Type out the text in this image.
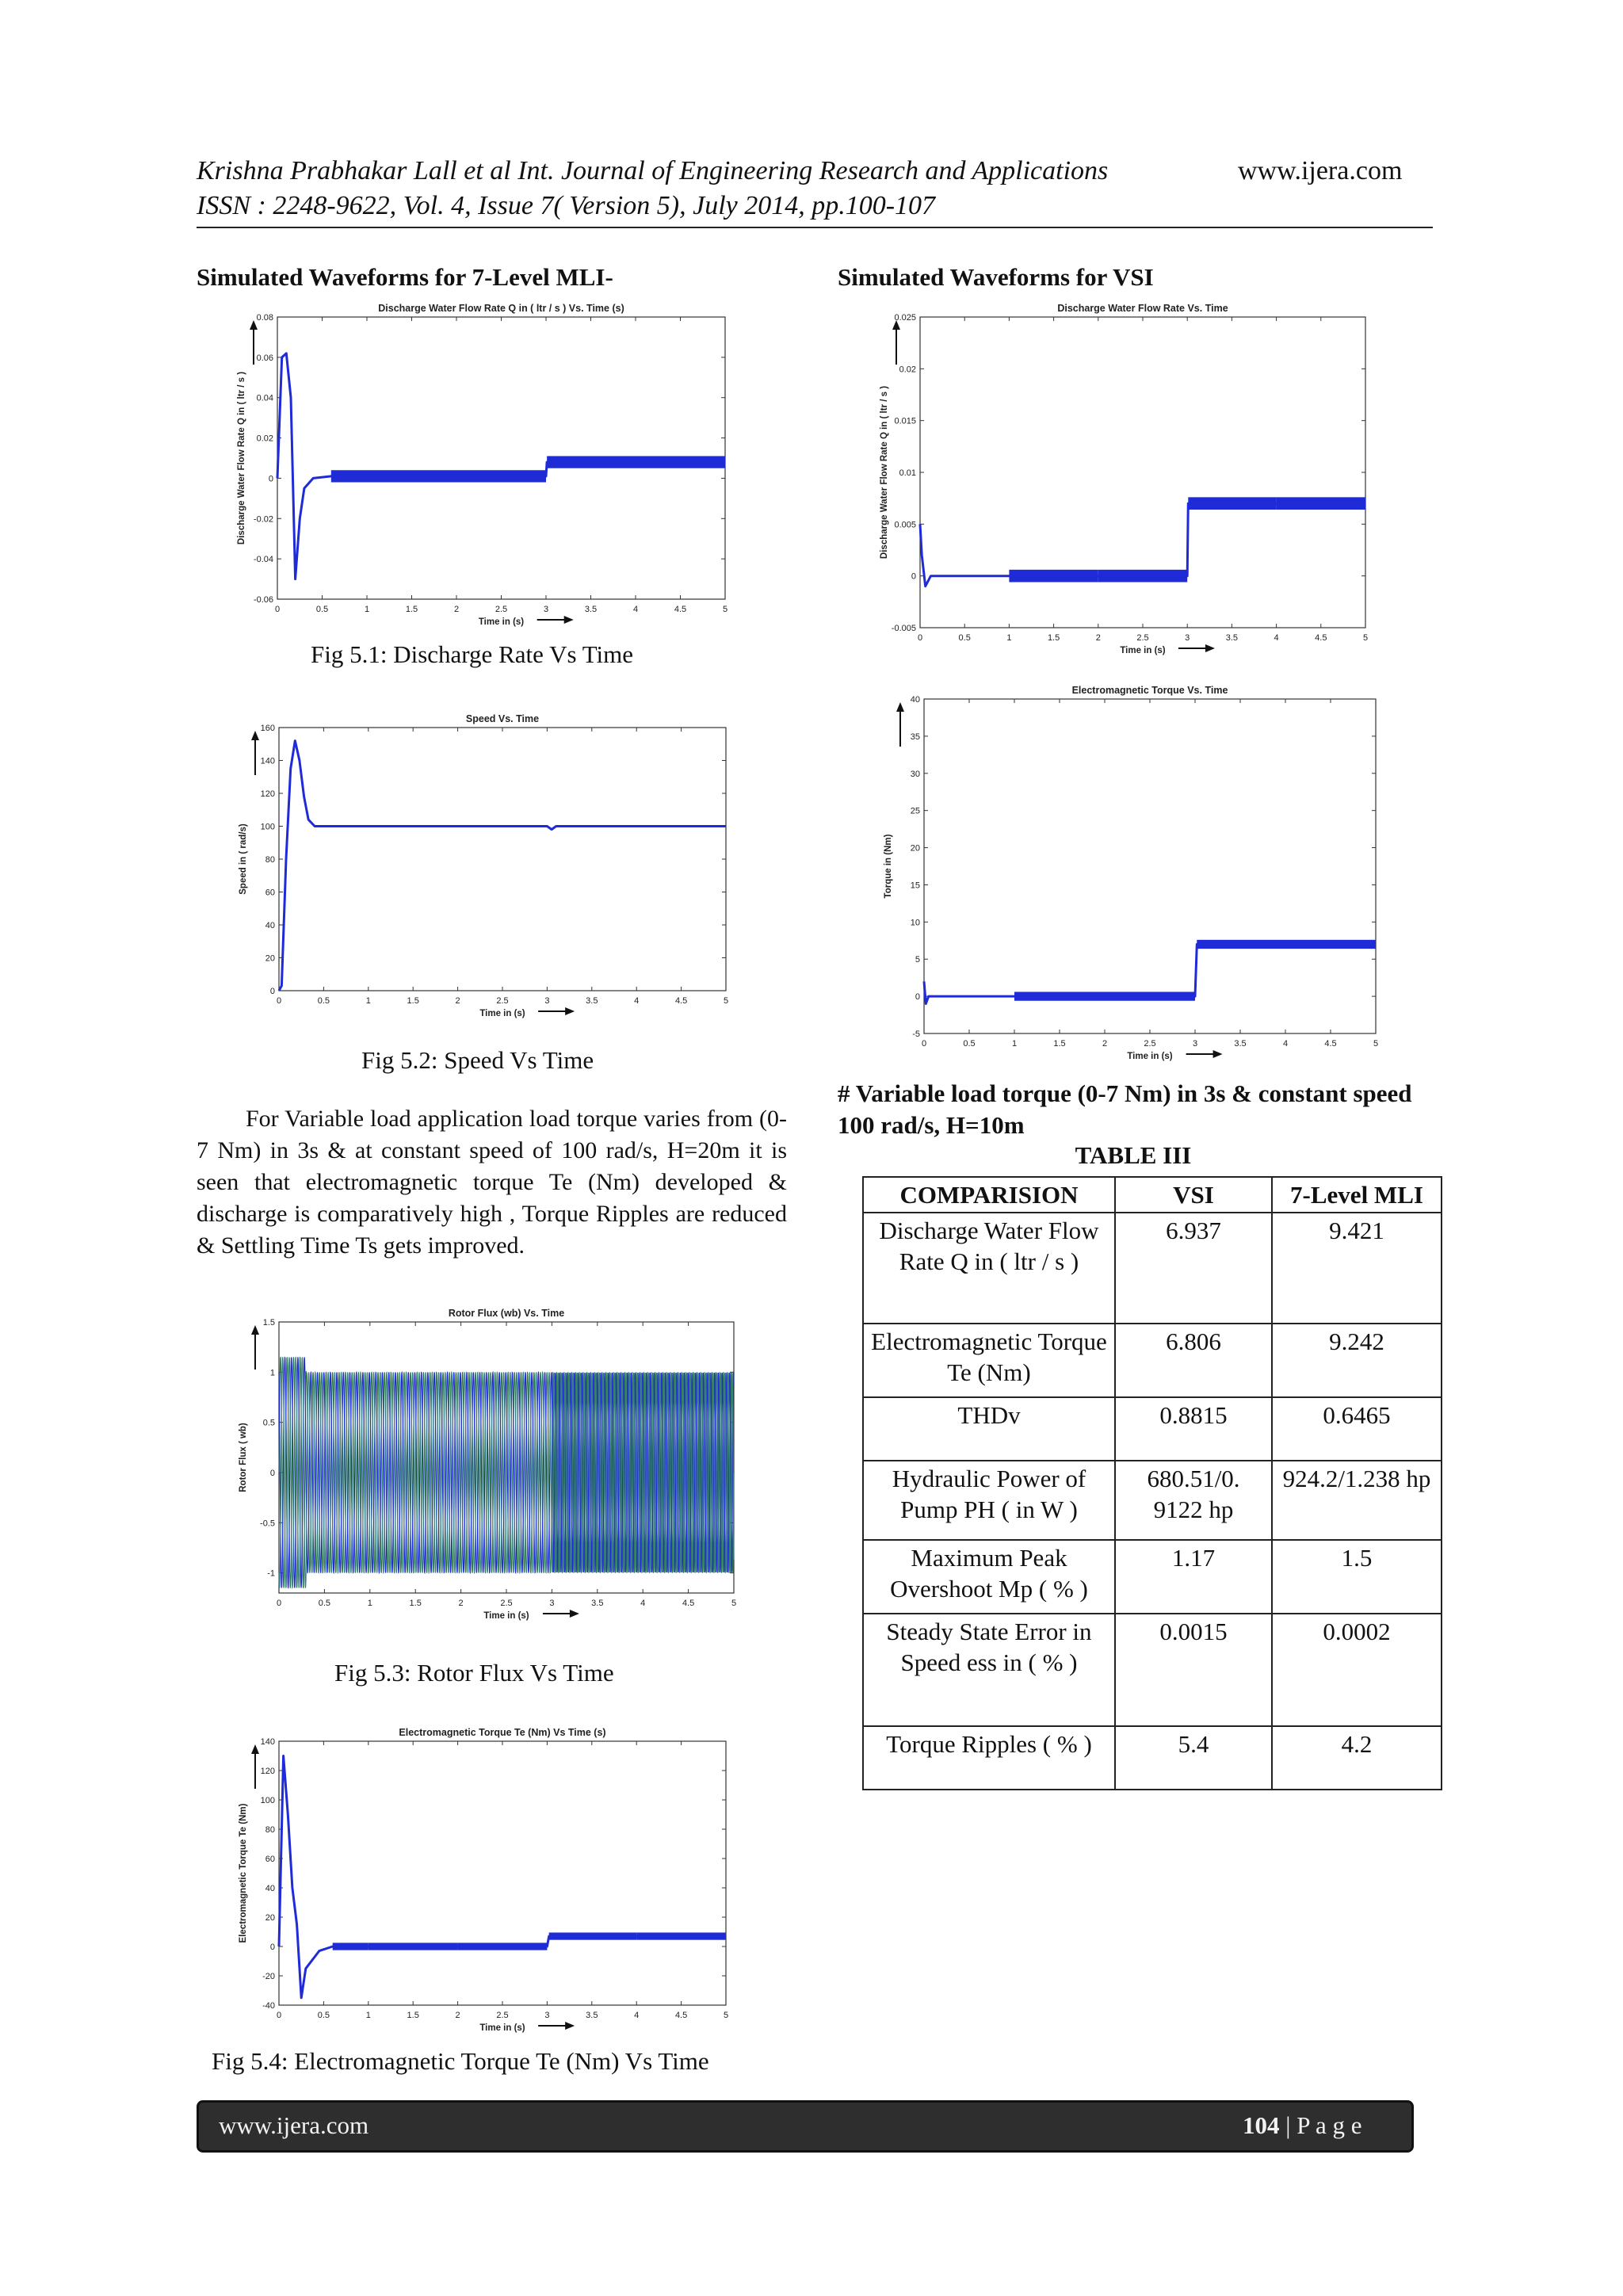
Krishna Prabhakar Lall et al Int. Journal of Engineering Research and Applications	www.ijera.com
ISSN : 2248-9622, Vol. 4, Issue 7( Version 5), July 2014, pp.100-107
Simulated Waveforms for 7-Level MLI-
Discharge Water Flow Rate Q in ( ltr / s ) Vs. Time (s)
0	0.5	1	1.5	2	2.5	3	3.5	4	4.5	5
-0.06
-0.04
-0.02
0
0.02
0.04
0.06
0.08
Time in (s)
Discharge Water Flow Rate Q in ( ltr / s )
Fig 5.1: Discharge Rate Vs Time
Speed Vs. Time
0	0.5	1	1.5	2	2.5	3	3.5	4	4.5	5
0
20
40
60
80
100
120
140
160
Time in (s)
Speed in ( rad/s)
Fig 5.2: Speed Vs Time

For Variable load application load torque varies from (0-7 Nm) in 3s & at constant speed of 100 rad/s, H=20m it is seen that electromagnetic torque Te (Nm) developed & discharge is comparatively high , Torque Ripples are reduced & Settling Time Ts gets improved.

Rotor Flux (wb) Vs. Time
0	0.5	1	1.5	2	2.5	3	3.5	4	4.5	5
-1
-0.5
0
0.5
1
1.5
Time in (s)
Rotor Flux ( wb)
Fig 5.3: Rotor Flux Vs Time
Electromagnetic Torque Te (Nm) Vs Time (s)
0	0.5	1	1.5	2	2.5	3	3.5	4	4.5	5
-40
-20
0
20
40
60
80
100
120
140
Time in (s)
Electromagnetic Torque Te (Nm)
Fig 5.4: Electromagnetic Torque Te (Nm) Vs Time
Simulated Waveforms for VSI
Discharge Water Flow Rate Vs. Time
0	0.5	1	1.5	2	2.5	3	3.5	4	4.5	5
-0.005
0
0.005
0.01
0.015
0.02
0.025
Time in (s)
Discharge Water Flow Rate Q in ( ltr / s )
Electromagnetic Torque Vs. Time
0	0.5	1	1.5	2	2.5	3	3.5	4	4.5	5
-5
0
5
10
15
20
25
30
35
40
Time in (s)
Torque in (Nm)
# Variable load torque (0-7 Nm) in 3s & constant speed 100 rad/s, H=10m
TABLE III
COMPARISION	VSI	7-Level MLI
Discharge Water Flow Rate Q in ( ltr / s )	6.937	9.421
Electromagnetic Torque Te (Nm)	6.806	9.242
THDv	0.8815	0.6465
Hydraulic Power of Pump PH ( in W )	680.51/0. 9122 hp	924.2/1.238 hp
Maximum Peak Overshoot Mp ( % )	1.17	1.5
Steady State Error in Speed ess in ( % )	0.0015	0.0002
Torque Ripples ( % )	5.4	4.2
www.ijera.com	104 | P a g e
